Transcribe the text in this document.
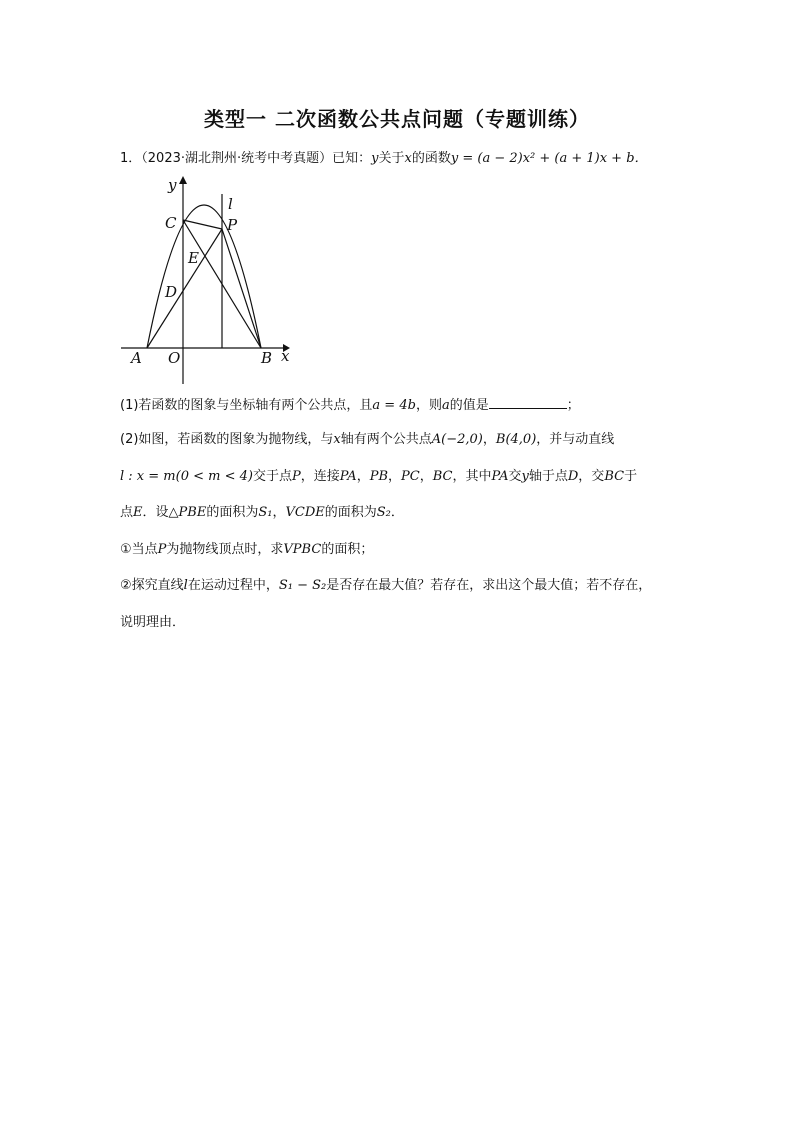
类型一 二次函数公共点问题（专题训练）
1．（2023·湖北荆州·统考中考真题）已知：y关于x的函数y = (a − 2)x² + (a + 1)x + b．
y
l
C	P
E
D
A O	B x
(1)若函数的图象与坐标轴有两个公共点，且a = 4b，则a的值是	；
(2)如图，若函数的图象为抛物线，与x轴有两个公共点A(−2,0)，B(4,0)，并与动直线
l : x = m(0 < m < 4)交于点P，连接PA，PB，PC，BC，其中PA交y轴于点D，交BC于
点E．设△PBE的面积为S₁，VCDE的面积为S₂．
①当点P为抛物线顶点时，求VPBC的面积；
②探究直线l在运动过程中，S₁ − S₂是否存在最大值？若存在，求出这个最大值；若不存在，
说明理由．
